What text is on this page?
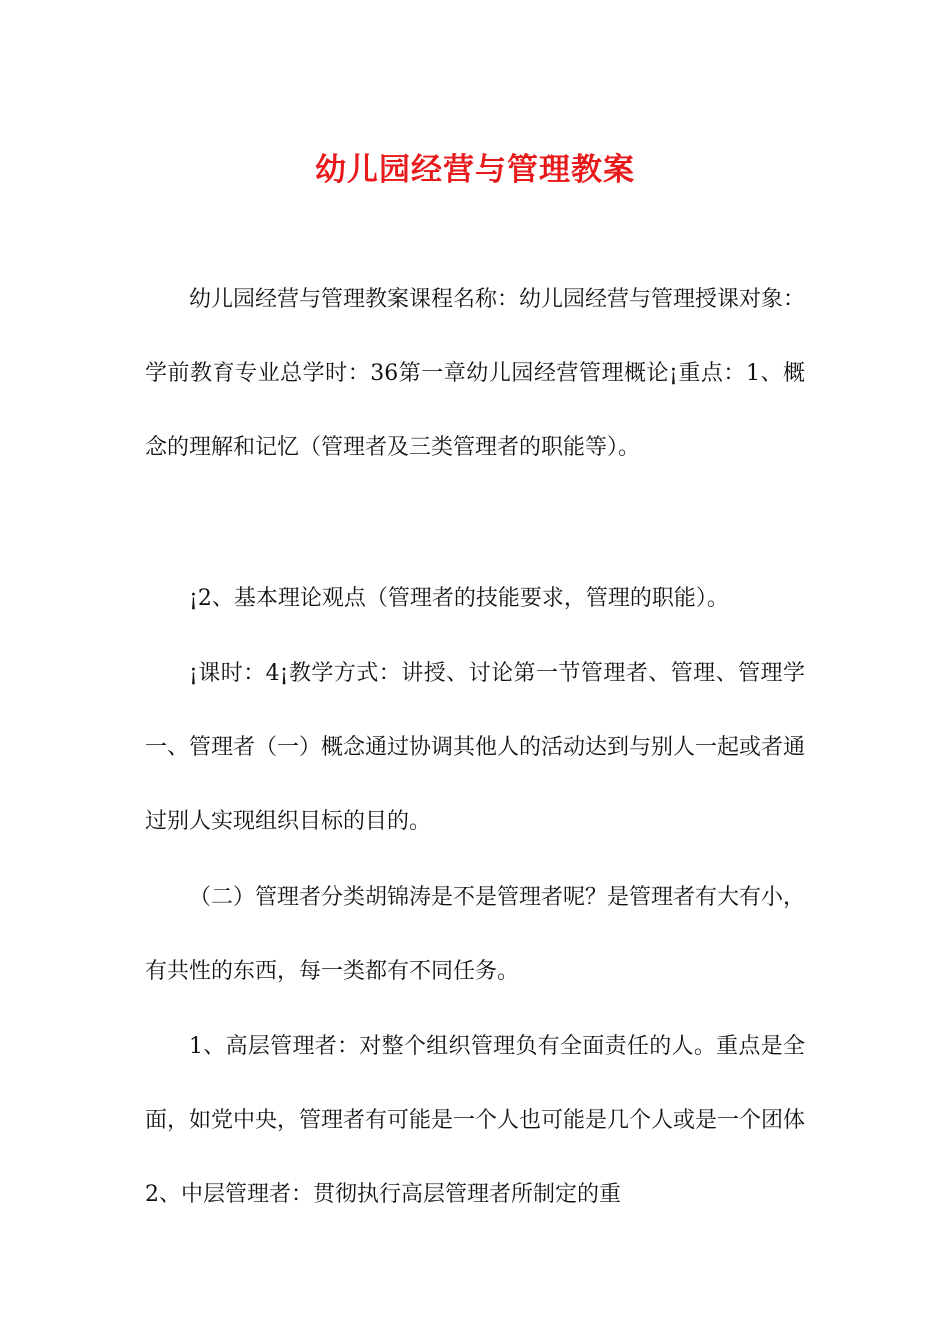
幼儿园经营与管理教案

幼儿园经营与管理教案课程名称：幼儿园经营与管理授课对象：学前教育专业总学时：36第一章幼儿园经营管理概论¡重点：1、概念的理解和记忆（管理者及三类管理者的职能等）。

¡2、基本理论观点（管理者的技能要求，管理的职能）。

¡课时：4¡教学方式：讲授、讨论第一节管理者、管理、管理学一、管理者（一）概念通过协调其他人的活动达到与别人一起或者通过别人实现组织目标的目的。

（二）管理者分类胡锦涛是不是管理者呢？是管理者有大有小，有共性的东西，每一类都有不同任务。

1、高层管理者：对整个组织管理负有全面责任的人。重点是全面，如党中央，管理者有可能是一个人也可能是几个人或是一个团体2、中层管理者：贯彻执行高层管理者所制定的重
